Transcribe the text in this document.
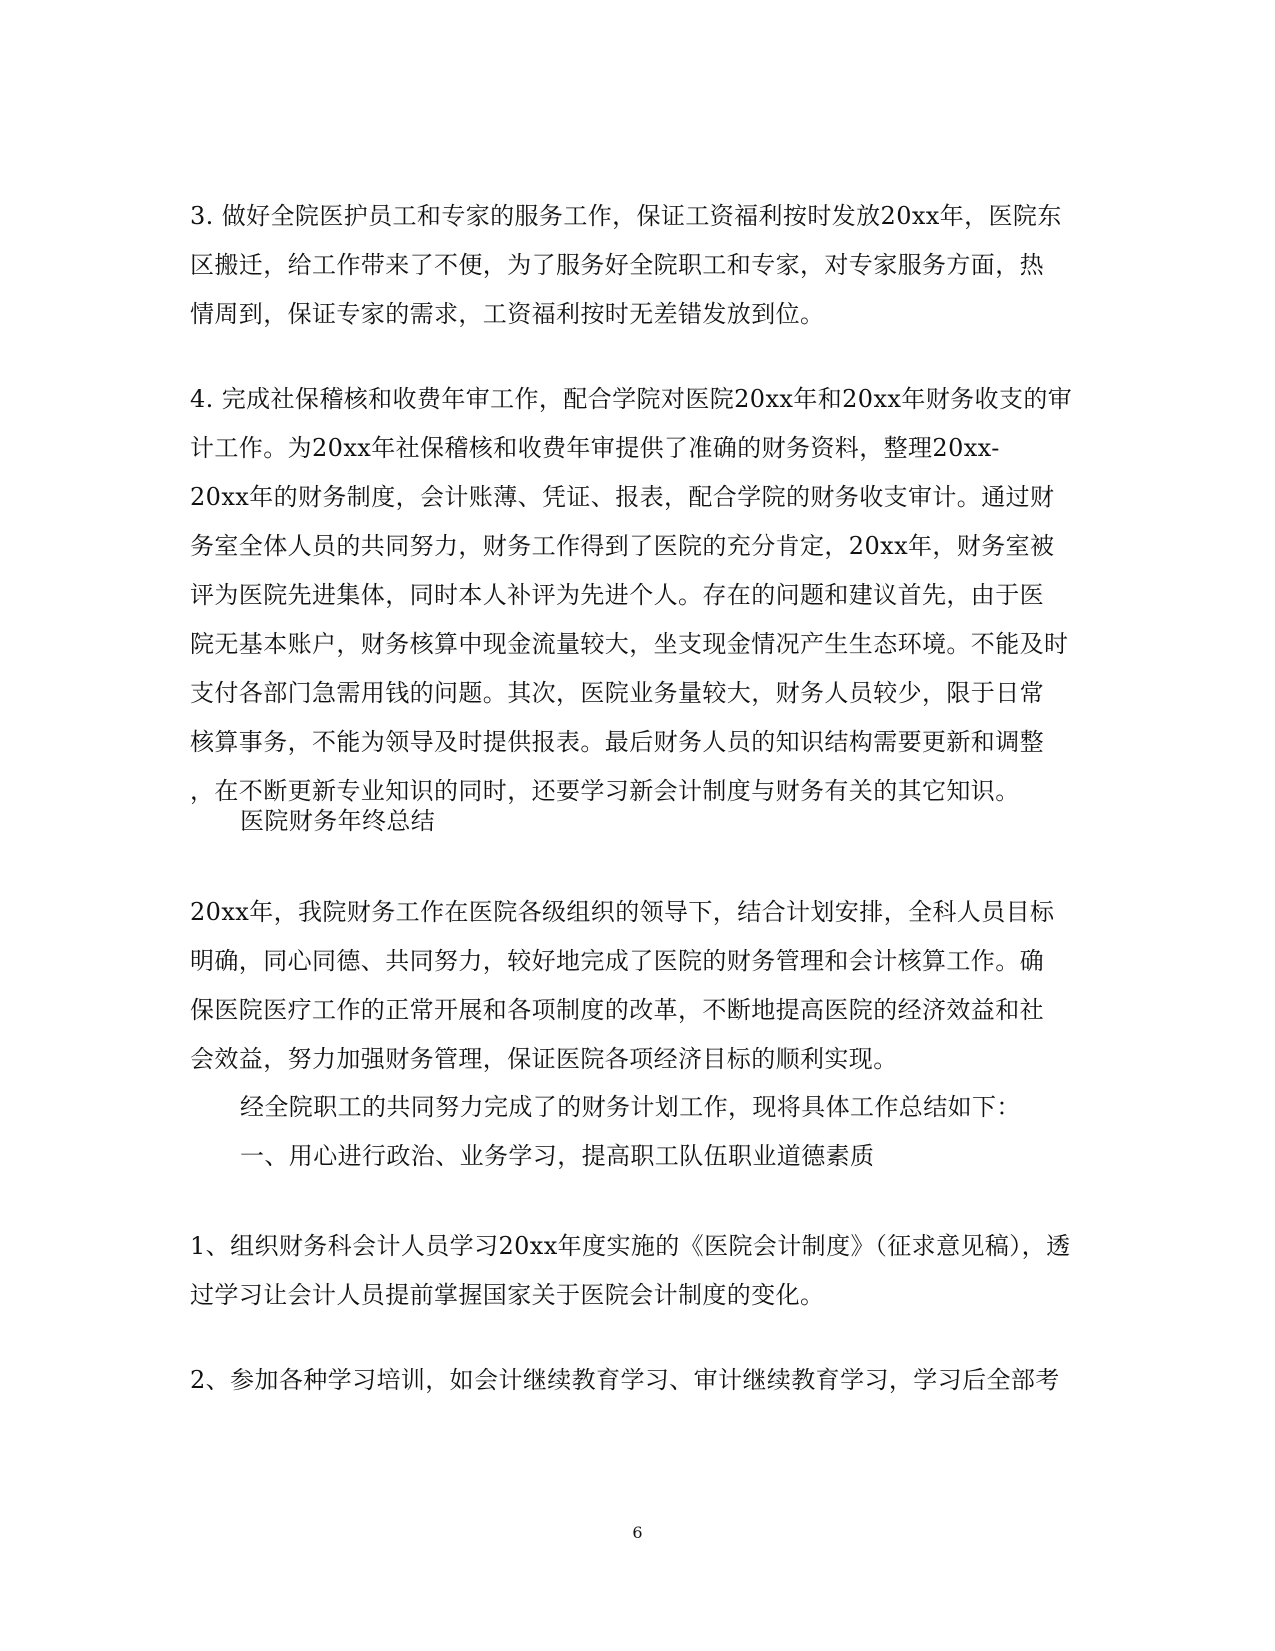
3. 做好全院医护员工和专家的服务工作，保证工资福利按时发放20xx年，医院东
区搬迁，给工作带来了不便，为了服务好全院职工和专家，对专家服务方面，热
情周到，保证专家的需求，工资福利按时无差错发放到位。
4. 完成社保稽核和收费年审工作，配合学院对医院20xx年和20xx年财务收支的审
计工作。为20xx年社保稽核和收费年审提供了准确的财务资料，整理20xx-
20xx年的财务制度，会计账薄、凭证、报表，配合学院的财务收支审计。通过财
务室全体人员的共同努力，财务工作得到了医院的充分肯定，20xx年，财务室被
评为医院先进集体，同时本人补评为先进个人。存在的问题和建议首先，由于医
院无基本账户，财务核算中现金流量较大，坐支现金情况产生生态环境。不能及时
支付各部门急需用钱的问题。其次，医院业务量较大，财务人员较少，限于日常
核算事务，不能为领导及时提供报表。最后财务人员的知识结构需要更新和调整
，在不断更新专业知识的同时，还要学习新会计制度与财务有关的其它知识。
医院财务年终总结
20xx年，我院财务工作在医院各级组织的领导下，结合计划安排，全科人员目标
明确，同心同德、共同努力，较好地完成了医院的财务管理和会计核算工作。确
保医院医疗工作的正常开展和各项制度的改革，不断地提高医院的经济效益和社
会效益，努力加强财务管理，保证医院各项经济目标的顺利实现。
经全院职工的共同努力完成了的财务计划工作，现将具体工作总结如下：
一、用心进行政治、业务学习，提高职工队伍职业道德素质
1、组织财务科会计人员学习20xx年度实施的《医院会计制度》（征求意见稿），透
过学习让会计人员提前掌握国家关于医院会计制度的变化。
2、参加各种学习培训，如会计继续教育学习、审计继续教育学习，学习后全部考
6
